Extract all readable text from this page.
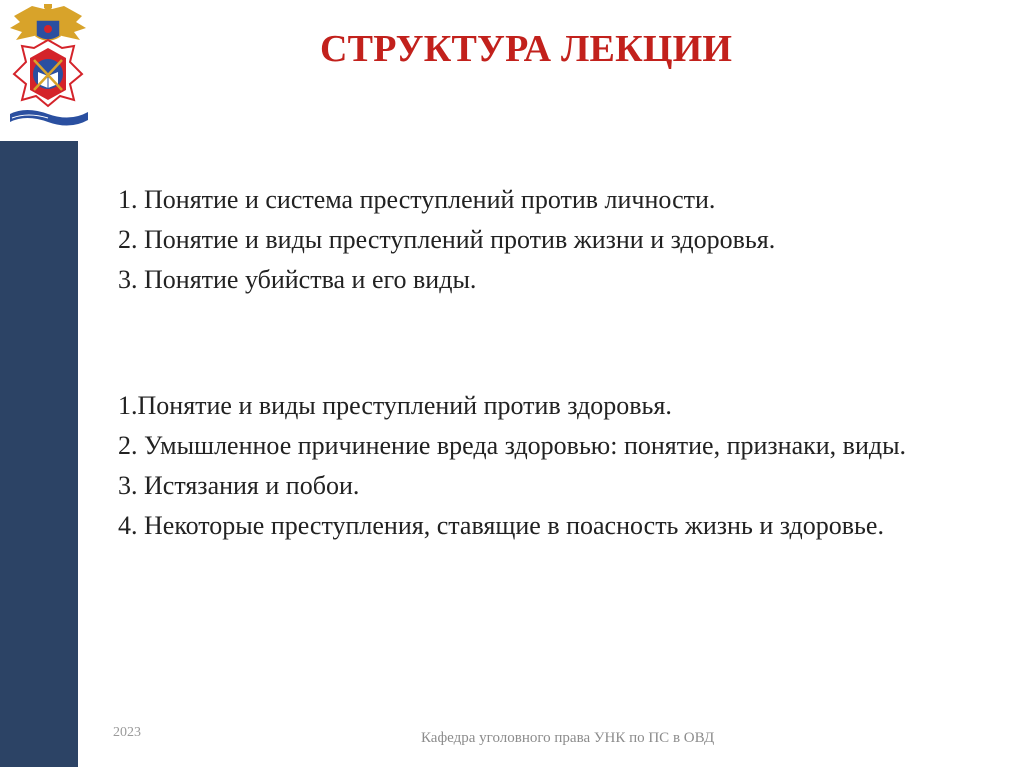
СТРУКТУРА ЛЕКЦИИ
1. Понятие и система преступлений против личности.
2. Понятие и виды преступлений против жизни и здоровья.
3. Понятие убийства и его виды.
1.Понятие и виды преступлений против здоровья.
2. Умышленное причинение вреда здоровью: понятие, признаки, виды.
3. Истязания и побои.
4. Некоторые преступления, ставящие в поасность жизнь и здоровье.
2023	Кафедра уголовного права УНК по ПС в ОВД
